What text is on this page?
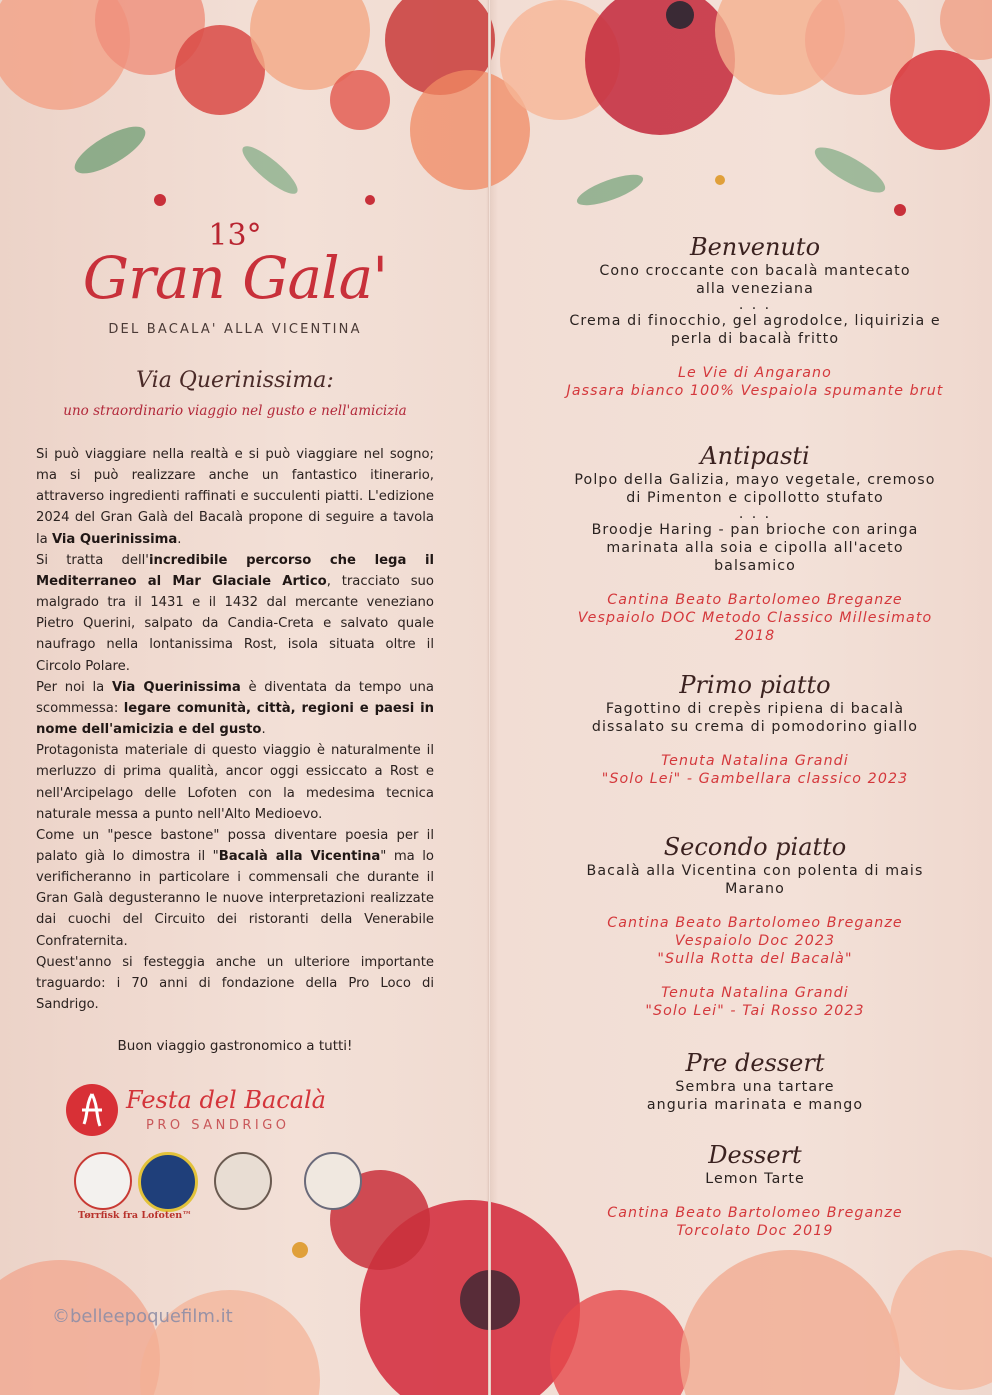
13°
Gran Gala'
DEL BACALA' ALLA VICENTINA
Via Querinissima:
uno straordinario viaggio nel gusto e nell'amicizia

Si può viaggiare nella realtà e si può viaggiare nel sogno; ma si può realizzare anche un fantastico itinerario, attraverso ingredienti raffinati e succulenti piatti. L'edizione 2024 del Gran Galà del Bacalà propone di seguire a tavola la Via Querinissima.

Si tratta dell'incredibile percorso che lega il Mediterraneo al Mar Glaciale Artico, tracciato suo malgrado tra il 1431 e il 1432 dal mercante veneziano Pietro Querini, salpato da Candia-Creta e salvato quale naufrago nella lontanissima Rost, isola situata oltre il Circolo Polare.

Per noi la Via Querinissima è diventata da tempo una scommessa: legare comunità, città, regioni e paesi in nome dell'amicizia e del gusto.

Protagonista materiale di questo viaggio è naturalmente il merluzzo di prima qualità, ancor oggi essiccato a Rost e nell'Arcipelago delle Lofoten con la medesima tecnica naturale messa a punto nell'Alto Medioevo.

Come un "pesce bastone" possa diventare poesia per il palato già lo dimostra il "Bacalà alla Vicentina" ma lo verificheranno in particolare i commensali che durante il Gran Galà degusteranno le nuove interpretazioni realizzate dai cuochi del Circuito dei ristoranti della Venerabile Confraternita.

Quest'anno si festeggia anche un ulteriore importante traguardo: i 70 anni di fondazione della Pro Loco di Sandrigo.

Buon viaggio gastronomico a tutti!
Festa del Bacalà
PRO SANDRIGO
Tørrfisk fra Lofoten™
Benvenuto
Cono croccante con bacalà mantecato
alla veneziana
. . .
Crema di finocchio, gel agrodolce, liquirizia e
perla di bacalà fritto
Le Vie di Angarano
Jassara bianco 100% Vespaiola spumante brut
Antipasti
Polpo della Galizia, mayo vegetale, cremoso
di Pimenton e cipollotto stufato
. . .
Broodje Haring - pan brioche con aringa
marinata alla soia e cipolla all'aceto
balsamico
Cantina Beato Bartolomeo Breganze
Vespaiolo DOC Metodo Classico Millesimato
2018
Primo piatto
Fagottino di crepès ripiena di bacalà
dissalato su crema di pomodorino giallo
Tenuta Natalina Grandi
"Solo Lei" - Gambellara classico 2023
Secondo piatto
Bacalà alla Vicentina con polenta di mais
Marano
Cantina Beato Bartolomeo Breganze
Vespaiolo Doc 2023
"Sulla Rotta del Bacalà"
Tenuta Natalina Grandi
"Solo Lei" - Tai Rosso 2023
Pre dessert
Sembra una tartare
anguria marinata e mango
Dessert
Lemon Tarte
Cantina Beato Bartolomeo Breganze
Torcolato Doc 2019
©belleepoquefilm.it
